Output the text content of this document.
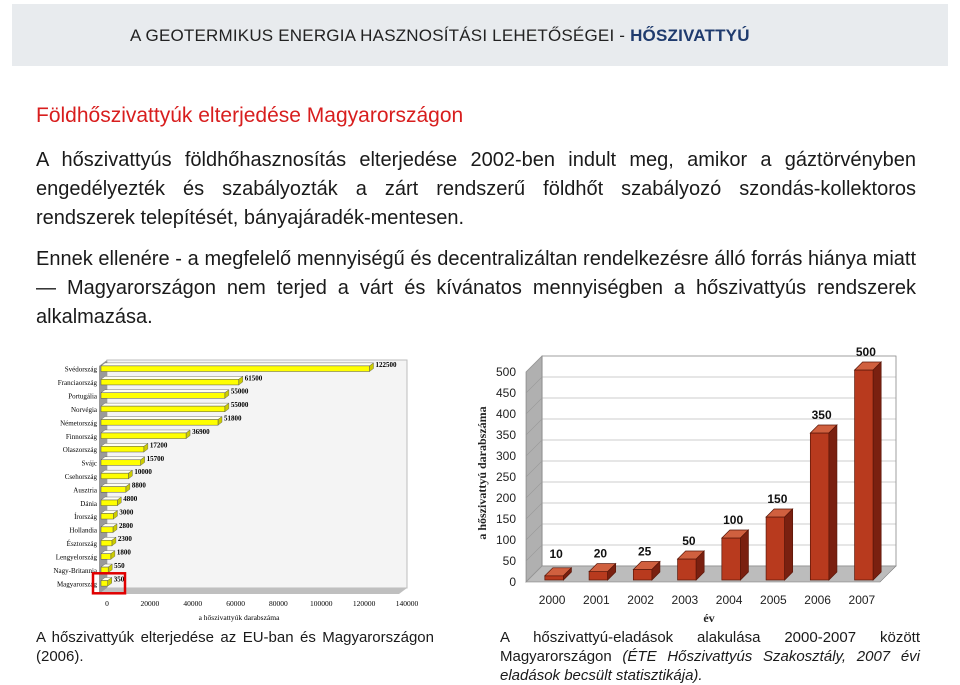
A GEOTERMIKUS ENERGIA HASZNOSÍTÁSI LEHETŐSÉGEI - HŐSZIVATTYÚ
Földhőszivattyúk elterjedése Magyarországon
A hőszivattyús földhőhasznosítás elterjedése 2002-ben indult meg, amikor a gáztörvényben engedélyezték és szabályozták a zárt rendszerű földhőt szabályozó szondás-kollektoros rendszerek telepítését, bányajáradék-mentesen.
Ennek ellenére - a megfelelő mennyiségű és decentralizáltan rendelkezésre álló forrás hiánya miatt — Magyarországon nem terjed a várt és kívánatos mennyiségben a hőszivattyús rendszerek alkalmazása.
Svédország
122500
Franciaország
61500
Portugália
55000
Norvégia
55000
Németország
51800
Finnország
36900
Olaszország
17200
Svájc
15700
Csehország
10000
Ausztria
8800
Dánia
4800
Írország
3000
Hollandia
2800
Észtország
2300
Lengyelország
1800
Nagy-Britannia
550
Magyarország
350
0	20000	40000	60000	80000	100000	120000	140000
a hőszivattyúk darabszáma
0
50
100
150
200
250
300
350
400
450
500
10
2000
20
2001
25
2002
50
2003
100
2004
150
2005
350
2006
500
2007
a hőszivattyú darabszáma
év
A hőszivattyúk elterjedése az EU-ban és Magyarországon (2006).
A hőszivattyú-eladások alakulása 2000-2007 között Magyarországon (ÉTE Hőszivattyús Szakosztály, 2007 évi eladások becsült statisztikája).
